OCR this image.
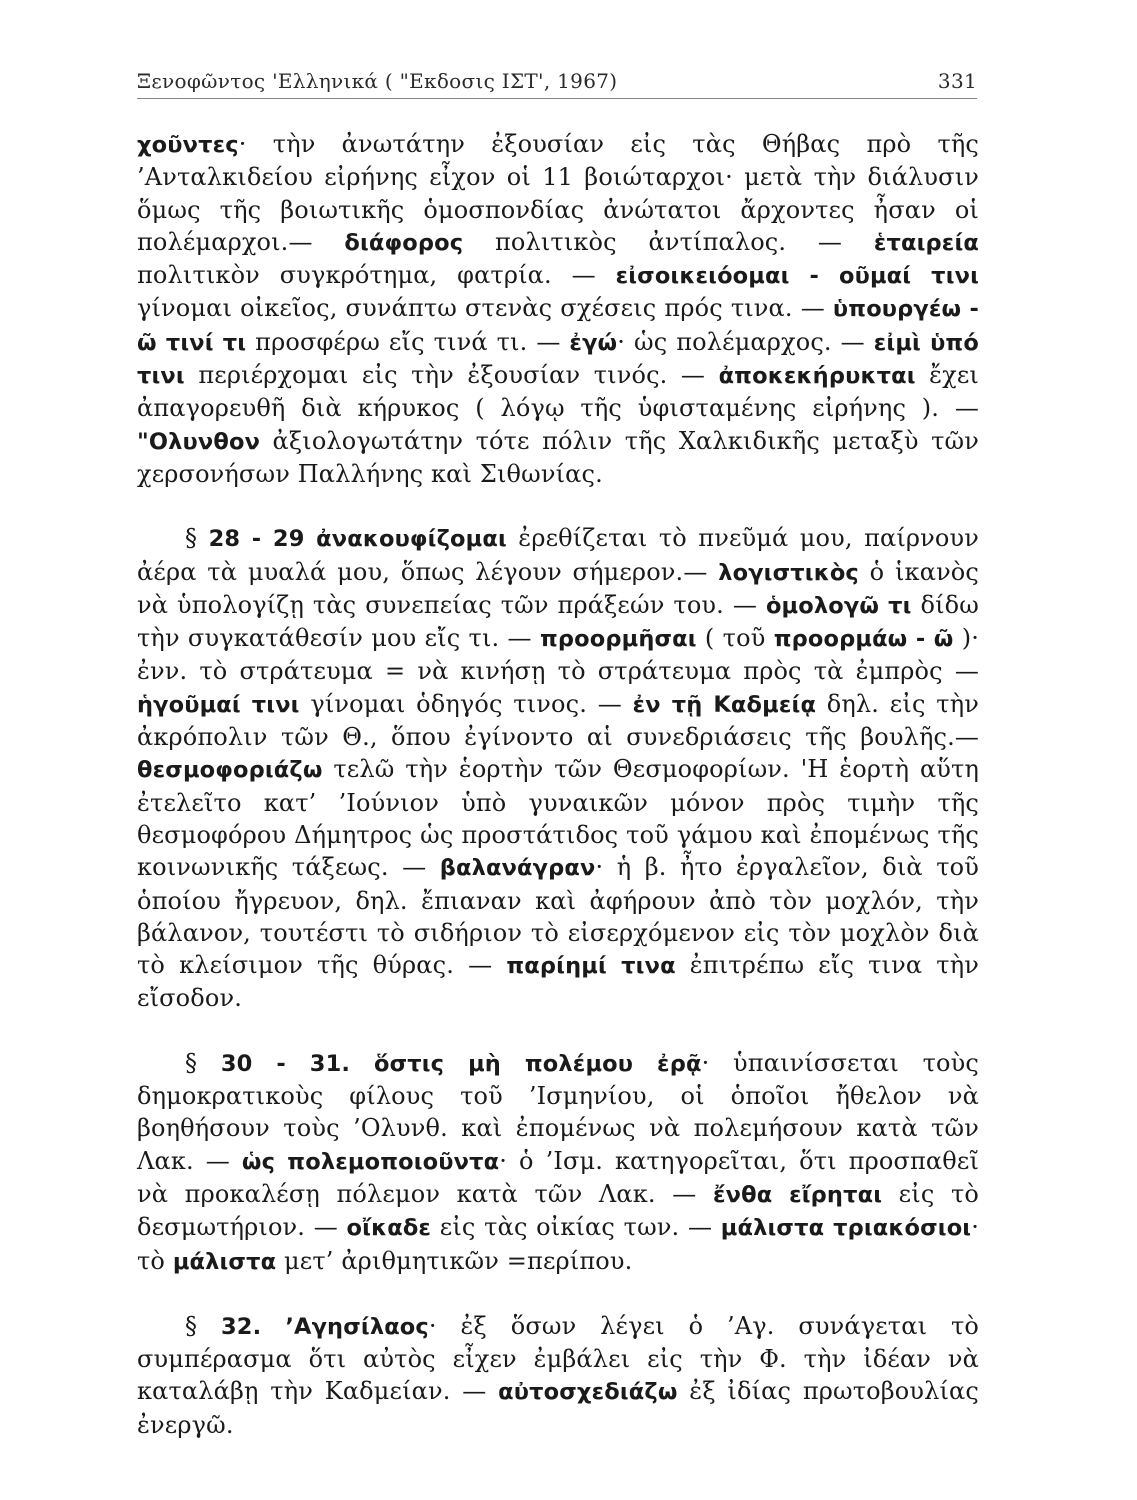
Ξενοφῶντος 'Ελληνικά ( "Εκδοσις ΙΣΤ', 1967)	331

χοῦντες· τὴν ἀνωτάτην ἐξουσίαν εἰς τὰς Θήβας πρὸ τῆς ’Ανταλκιδείου εἰρήνης εἶχον οἱ 11 βοιώταρχοι· μετὰ τὴν διάλυσιν ὅμως τῆς βοιωτικῆς ὁμοσπονδίας ἀνώτατοι ἄρχοντες ἦσαν οἱ πολέμαρχοι.— διάφορος πολιτικὸς ἀντίπαλος. — ἑταιρεία πολιτικὸν συγκρότημα, φατρία. — εἰσοικειόομαι - οῦμαί τινι γίνομαι οἰκεῖος, συνάπτω στενὰς σχέσεις πρός τινα. — ὑπουργέω - ῶ τινί τι προσφέρω εἴς τινά τι. — ἐγώ· ὡς πολέμαρχος. — εἰμὶ ὑπό τινι περιέρχομαι εἰς τὴν ἐξουσίαν τινός. — ἀποκεκήρυκται ἔχει ἀπαγορευθῆ διὰ κήρυκος ( λόγῳ τῆς ὑφισταμένης εἰρήνης ). — "Ολυνθον ἀξιολογωτάτην τότε πόλιν τῆς Χαλκιδικῆς μεταξὺ τῶν χερσονήσων Παλλήνης καὶ Σιθωνίας.

§ 28 - 29 ἀνακουφίζομαι ἐρεθίζεται τὸ πνεῦμά μου, παίρνουν ἀέρα τὰ μυαλά μου, ὅπως λέγουν σήμερον.— λογιστικὸς ὁ ἱκανὸς νὰ ὑπολογίζῃ τὰς συνεπείας τῶν πράξεών του. — ὁμολογῶ τι δίδω τὴν συγκατάθεσίν μου εἴς τι. — προορμῆσαι ( τοῦ προορμάω - ῶ )· ἐνν. τὸ στράτευμα = νὰ κινήσῃ τὸ στράτευμα πρὸς τὰ ἐμπρὸς — ἡγοῦμαί τινι γίνομαι ὁδηγός τινος. — ἐν τῇ Καδμείᾳ δηλ. εἰς τὴν ἀκρόπολιν τῶν Θ., ὅπου ἐγίνοντο αἱ συνεδριάσεις τῆς βουλῆς.—θεσμοφοριάζω τελῶ τὴν ἑορτὴν τῶν Θεσμοφορίων. 'Η ἑορτὴ αὕτη ἐτελεῖτο κατ’ ’Ιούνιον ὑπὸ γυναικῶν μόνον πρὸς τιμὴν τῆς θεσμοφόρου Δήμητρος ὡς προστάτιδος τοῦ γάμου καὶ ἐπομένως τῆς κοινωνικῆς τάξεως. — βαλανάγραν· ἡ β. ἦτο ἐργαλεῖον, διὰ τοῦ ὁποίου ἤγρευον, δηλ. ἔπιαναν καὶ ἀφήρουν ἀπὸ τὸν μοχλόν, τὴν βάλανον, τουτέστι τὸ σιδήριον τὸ εἰσερχόμενον εἰς τὸν μοχλὸν διὰ τὸ κλείσιμον τῆς θύρας. — παρίημί τινα ἐπιτρέπω εἴς τινα τὴν εἴσοδον.

§ 30 - 31. ὅστις μὴ πολέμου ἐρᾷ· ὑπαινίσσεται τοὺς δημοκρατικοὺς φίλους τοῦ ’Ισμηνίου, οἱ ὁποῖοι ἤθελον νὰ βοηθήσουν τοὺς ’Ολυνθ. καὶ ἐπομένως νὰ πολεμήσουν κατὰ τῶν Λακ. — ὡς πολεμοποιοῦντα· ὁ ’Ισμ. κατηγορεῖται, ὅτι προσπαθεῖ νὰ προκαλέσῃ πόλεμον κατὰ τῶν Λακ. — ἔνθα εἴρηται εἰς τὸ δεσμωτήριον. — οἴκαδε εἰς τὰς οἰκίας των. — μάλιστα τριακόσιοι· τὸ μάλιστα μετ’ ἀριθμητικῶν =περίπου.

§ 32. ’Αγησίλαος· ἐξ ὅσων λέγει ὁ ’Αγ. συνάγεται τὸ συμπέρασμα ὅτι αὐτὸς εἶχεν ἐμβάλει εἰς τὴν Φ. τὴν ἰδέαν νὰ καταλάβῃ τὴν Καδμείαν. — αὐτοσχεδιάζω ἐξ ἰδίας πρωτοβουλίας ἐνεργῶ.
